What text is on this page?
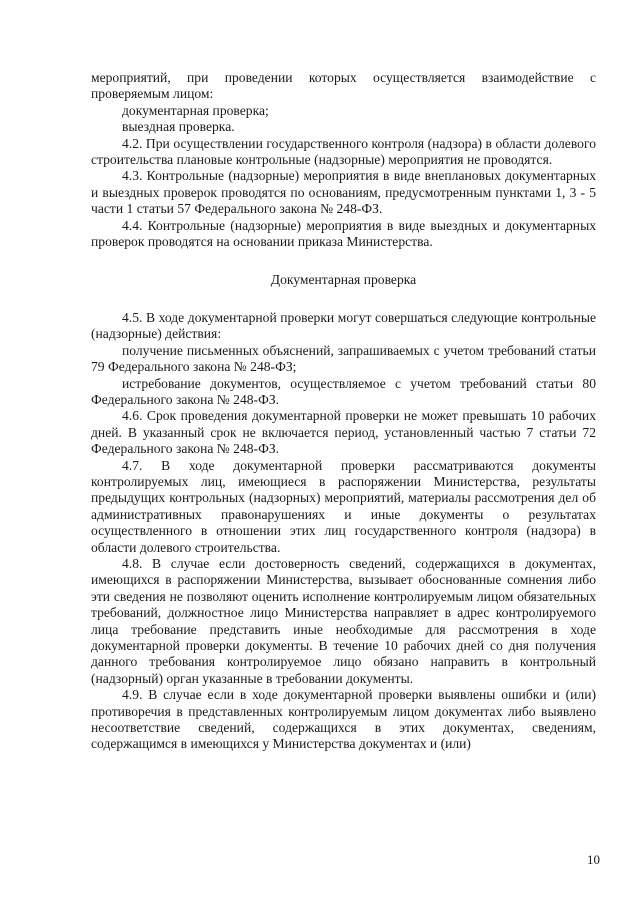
мероприятий, при проведении которых осуществляется взаимодействие с проверяемым лицом:

документарная проверка;

выездная проверка.

4.2. При осуществлении государственного контроля (надзора) в области долевого строительства плановые контрольные (надзорные) мероприятия не проводятся.

4.3. Контрольные (надзорные) мероприятия в виде внеплановых документарных и выездных проверок проводятся по основаниям, предусмотренным пунктами 1, 3 - 5 части 1 статьи 57 Федерального закона № 248-ФЗ.

4.4. Контрольные (надзорные) мероприятия в виде выездных и документарных проверок проводятся на основании приказа Министерства.

Документарная проверка

4.5. В ходе документарной проверки могут совершаться следующие контрольные (надзорные) действия:

получение письменных объяснений, запрашиваемых с учетом требований статьи 79 Федерального закона № 248-ФЗ;

истребование документов, осуществляемое с учетом требований статьи 80 Федерального закона № 248-ФЗ.

4.6. Срок проведения документарной проверки не может превышать 10 рабочих дней. В указанный срок не включается период, установленный частью 7 статьи 72 Федерального закона № 248-ФЗ.

4.7. В ходе документарной проверки рассматриваются документы контролируемых лиц, имеющиеся в распоряжении Министерства, результаты предыдущих контрольных (надзорных) мероприятий, материалы рассмотрения дел об административных правонарушениях и иные документы о результатах осуществленного в отношении этих лиц государственного контроля (надзора) в области долевого строительства.

4.8. В случае если достоверность сведений, содержащихся в документах, имеющихся в распоряжении Министерства, вызывает обоснованные сомнения либо эти сведения не позволяют оценить исполнение контролируемым лицом обязательных требований, должностное лицо Министерства направляет в адрес контролируемого лица требование представить иные необходимые для рассмотрения в ходе документарной проверки документы. В течение 10 рабочих дней со дня получения данного требования контролируемое лицо обязано направить в контрольный (надзорный) орган указанные в требовании документы.

4.9. В случае если в ходе документарной проверки выявлены ошибки и (или) противоречия в представленных контролируемым лицом документах либо выявлено несоответствие сведений, содержащихся в этих документах, сведениям, содержащимся в имеющихся у Министерства документах и (или)

10
